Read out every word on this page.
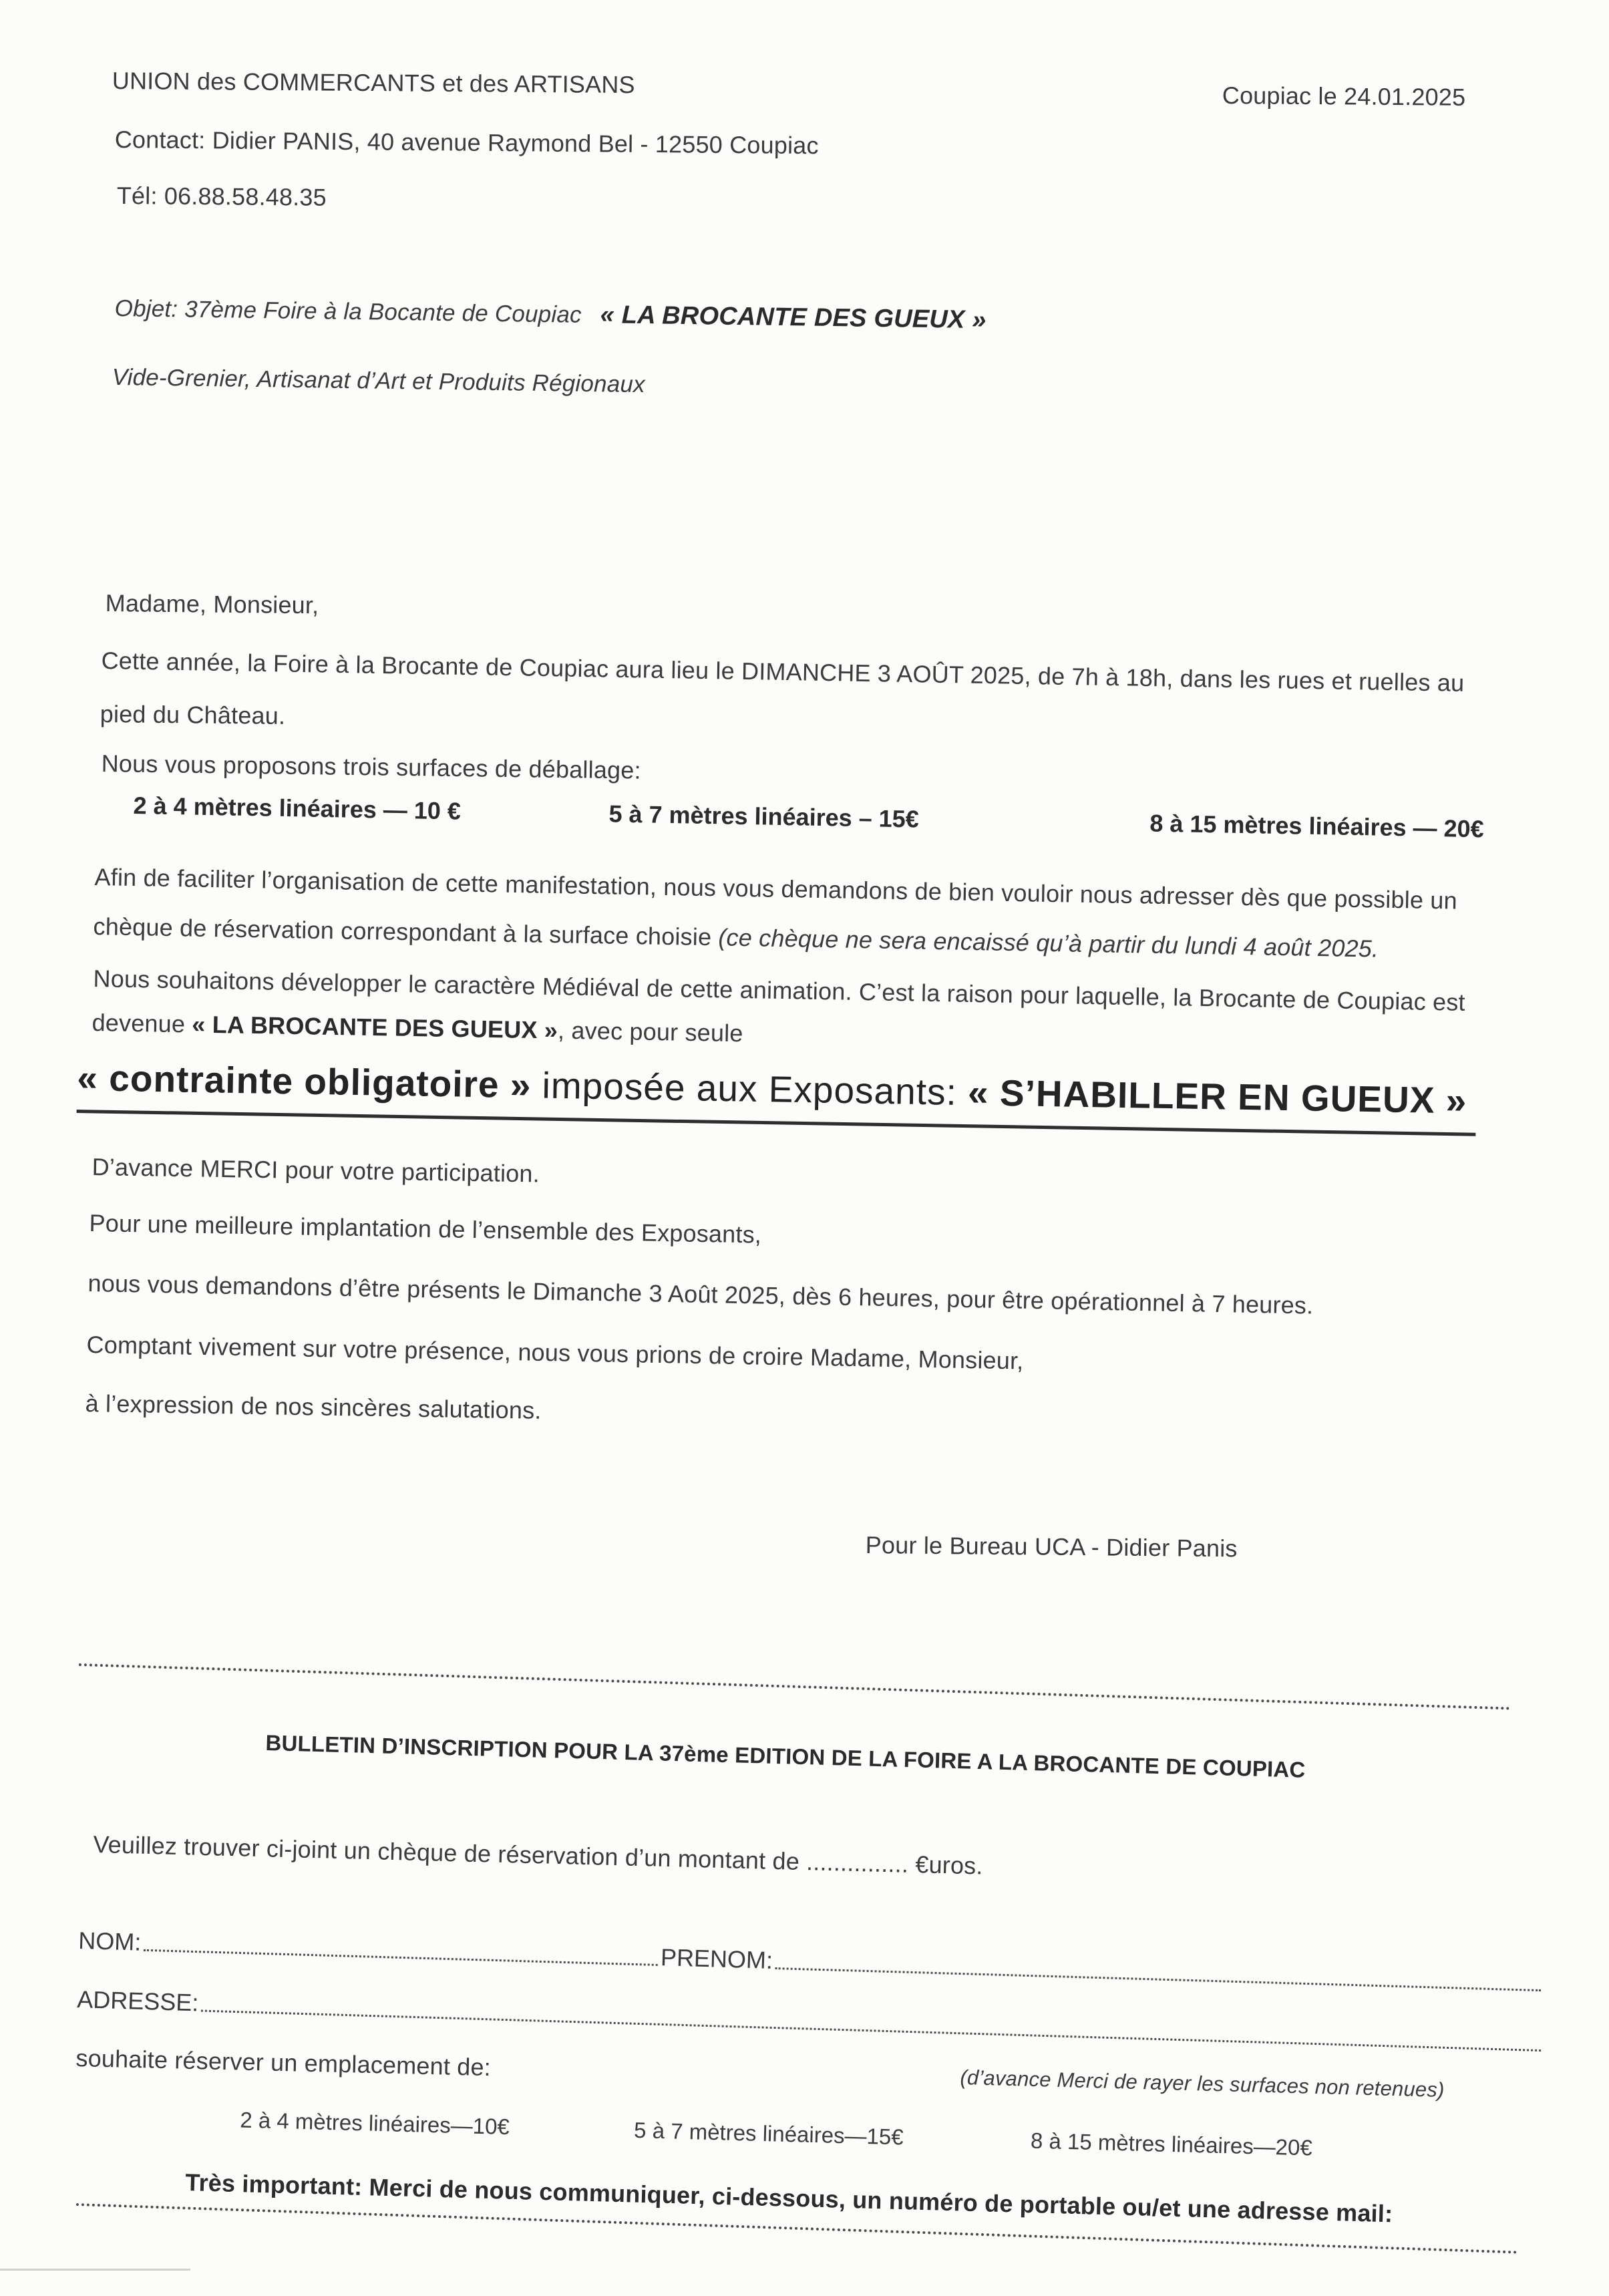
UNION des COMMERCANTS et des ARTISANS	Coupiac le 24.01.2025
Contact: Didier PANIS, 40 avenue Raymond Bel - 12550 Coupiac
Tél: 06.88.58.48.35
Objet: 37ème Foire à la Bocante de Coupiac « LA BROCANTE DES GUEUX »
Vide-Grenier, Artisanat d’Art et Produits Régionaux
Madame, Monsieur,
Cette année, la Foire à la Brocante de Coupiac aura lieu le DIMANCHE 3 AOÛT 2025, de 7h à 18h, dans les rues et ruelles au
pied du Château.
Nous vous proposons trois surfaces de déballage:
2 à 4 mètres linéaires — 10 €	5 à 7 mètres linéaires – 15€	8 à 15 mètres linéaires — 20€
Afin de faciliter l’organisation de cette manifestation, nous vous demandons de bien vouloir nous adresser dès que possible un
chèque de réservation correspondant à la surface choisie (ce chèque ne sera encaissé qu’à partir du lundi 4 août 2025.
Nous souhaitons développer le caractère Médiéval de cette animation. C’est la raison pour laquelle, la Brocante de Coupiac est
devenue « LA BROCANTE DES GUEUX », avec pour seule
« contrainte obligatoire » imposée aux Exposants: « S’HABILLER EN GUEUX »
D’avance MERCI pour votre participation.
Pour une meilleure implantation de l’ensemble des Exposants,
nous vous demandons d’être présents le Dimanche 3 Août 2025, dès 6 heures, pour être opérationnel à 7 heures.
Comptant vivement sur votre présence, nous vous prions de croire Madame, Monsieur,
à l’expression de nos sincères salutations.
Pour le Bureau UCA - Didier Panis
BULLETIN D’INSCRIPTION POUR LA 37ème EDITION DE LA FOIRE A LA BROCANTE DE COUPIAC
Veuillez trouver ci-joint un chèque de réservation d’un montant de ............... €uros.
NOM:
PRENOM:
ADRESSE:
souhaite réserver un emplacement de:
(d’avance Merci de rayer les surfaces non retenues)
2 à 4 mètres linéaires—10€	5 à 7 mètres linéaires—15€	8 à 15 mètres linéaires—20€
Très important: Merci de nous communiquer, ci-dessous, un numéro de portable ou/et une adresse mail:
